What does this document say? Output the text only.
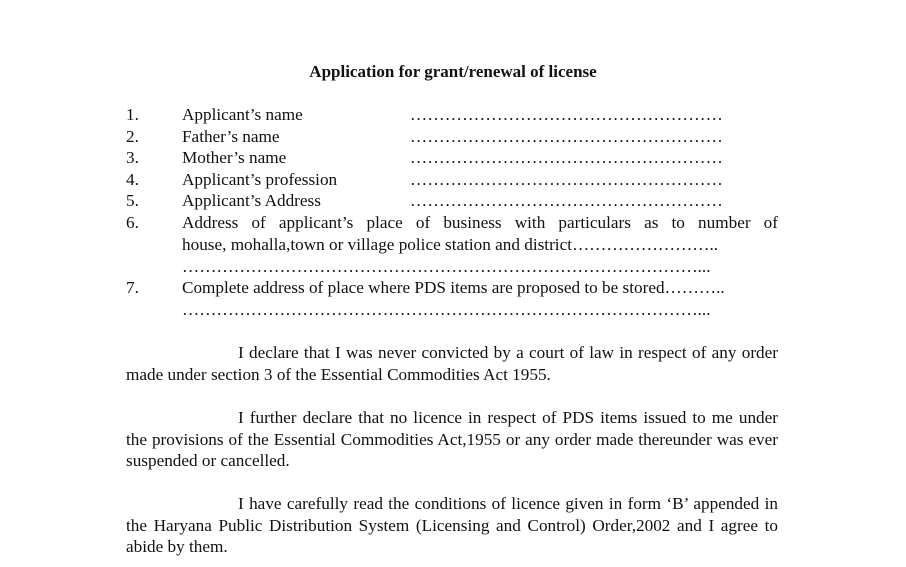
Application for grant/renewal of license
1.	Applicant’s name	………………………………………………
2.	Father’s name	………………………………………………
3.	Mother’s name	………………………………………………
4.	Applicant’s profession	………………………………………………
5.	Applicant’s Address	………………………………………………
6.	Address of applicant’s place of business with particulars as to number of
house, mohalla,town or village police station and district……………………..
………………………………………………………………………………...
7.	Complete address of place where PDS items are proposed to be stored………..
………………………………………………………………………………...
I declare that I was never convicted by a court of law in respect of any order made under section 3 of the Essential Commodities Act 1955.
I further declare that no licence in respect of PDS items issued to me under the provisions of the Essential Commodities Act,1955 or any order made thereunder was ever suspended or cancelled.
I have carefully read the conditions of licence given in form ‘B’ appended in the Haryana Public Distribution System (Licensing and Control) Order,2002 and I agree to abide by them.
